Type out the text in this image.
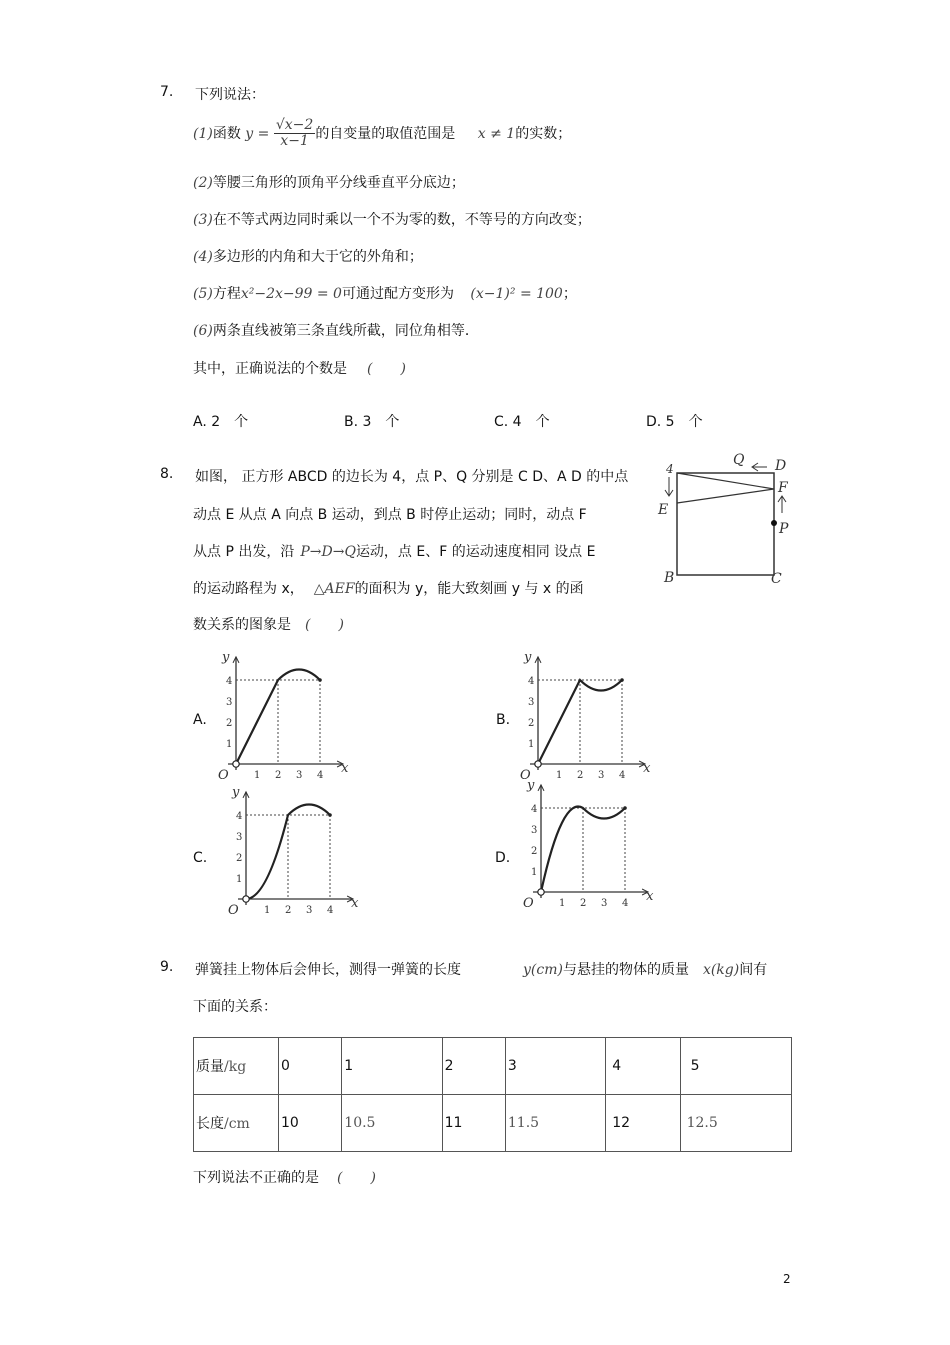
7. 下列说法：
(1)函数 $y = \frac{√x-2}{x-1}$ 的自变量的取值范围是 x ≠ 1的实数；
(2)等腰三角形的顶角平分线垂直平分底边；
(3)在不等式两边同时乘以一个不为零的数，不等号的方向改变；
(4)多边形的内角和大于它的外角和；
(5)方程x²−2x−99 = 0可通过配方变形为 (x−1)² = 100；
(6)两条直线被第三条直线所截，同位角相等．
其中，正确说法的个数是 (　　)
A. 2　个	B. 3　个	C. 4　个	D. 5　个
8. 如图， 正方形 ABCD 的边长为 4，点 P、Q 分别是 C D、A D 的中点
动点 E 从点 A 向点 B 运动，到点 B 时停止运动；同时，动点 F
从点 P 出发，沿 P→D→Q运动，点 E、F 的运动速度相同 设点 E
的运动路程为 x， △AEF的面积为 y，能大致刻画 y 与 x 的函
数关系的图象是 (　　)
4
Q D
F
E
P
B	C
A.	B.
C.	D.
1 2 3 4
1
2
3
4
x
y
O	1 2 3 4
1
2
3
4
x
y
O
1 2 3 4
1
2
3
4
x
y
O	1 2 3 4
1
2
3
4
x
y
O
9. 弹簧挂上物体后会伸长，测得一弹簧的长度	y(cm)与悬挂的物体的质量 x(kg)间有
下面的关系：
质量/kg	0	1	2	3	4	5
长度/cm	10	10.5	11	11.5	12	12.5
下列说法不正确的是 (　　)
2
